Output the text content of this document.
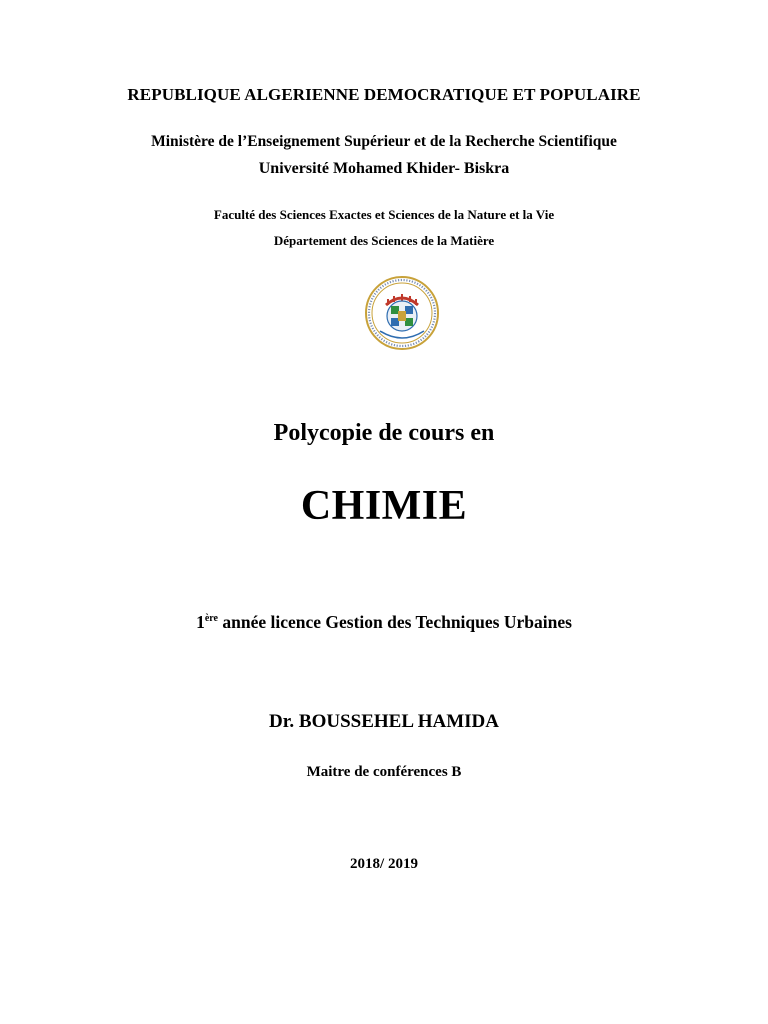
REPUBLIQUE ALGERIENNE DEMOCRATIQUE ET POPULAIRE
Ministère de l’Enseignement Supérieur et de la Recherche Scientifique
Université Mohamed Khider- Biskra
Faculté des Sciences Exactes et Sciences de la Nature et la Vie
Département des Sciences de la Matière
Polycopie de cours en
CHIMIE
1ère année licence Gestion des Techniques Urbaines
Dr. BOUSSEHEL HAMIDA
Maitre de conférences B
2018/ 2019
